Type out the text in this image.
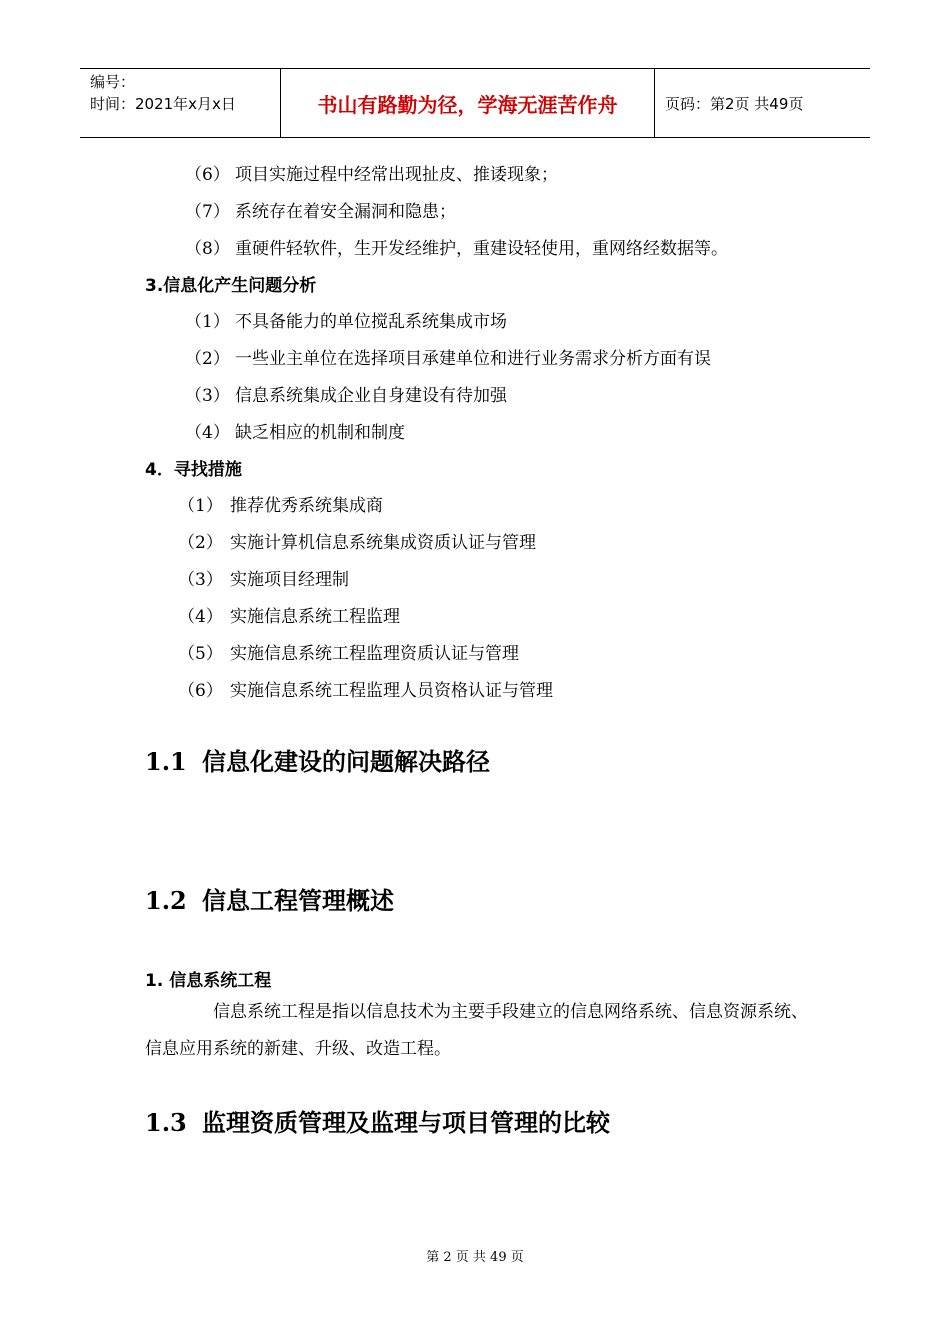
编号：
时间：2021年x月x日	书山有路勤为径，学海无涯苦作舟	页码：第2页 共49页
（6） 项目实施过程中经常出现扯皮、推诿现象；
（7） 系统存在着安全漏洞和隐患；
（8） 重硬件轻软件，生开发经维护，重建设轻使用，重网络经数据等。
3.信息化产生问题分析
（1） 不具备能力的单位搅乱系统集成市场
（2） 一些业主单位在选择项目承建单位和进行业务需求分析方面有误
（3） 信息系统集成企业自身建设有待加强
（4） 缺乏相应的机制和制度
4．寻找措施
（1） 推荐优秀系统集成商
（2） 实施计算机信息系统集成资质认证与管理
（3） 实施项目经理制
（4） 实施信息系统工程监理
（5） 实施信息系统工程监理资质认证与管理
（6） 实施信息系统工程监理人员资格认证与管理
1.1 信息化建设的问题解决路径
1.2 信息工程管理概述
1. 信息系统工程
信息系统工程是指以信息技术为主要手段建立的信息网络系统、信息资源系统、信息应用系统的新建、升级、改造工程。
1.3 监理资质管理及监理与项目管理的比较
第 2 页 共 49 页
